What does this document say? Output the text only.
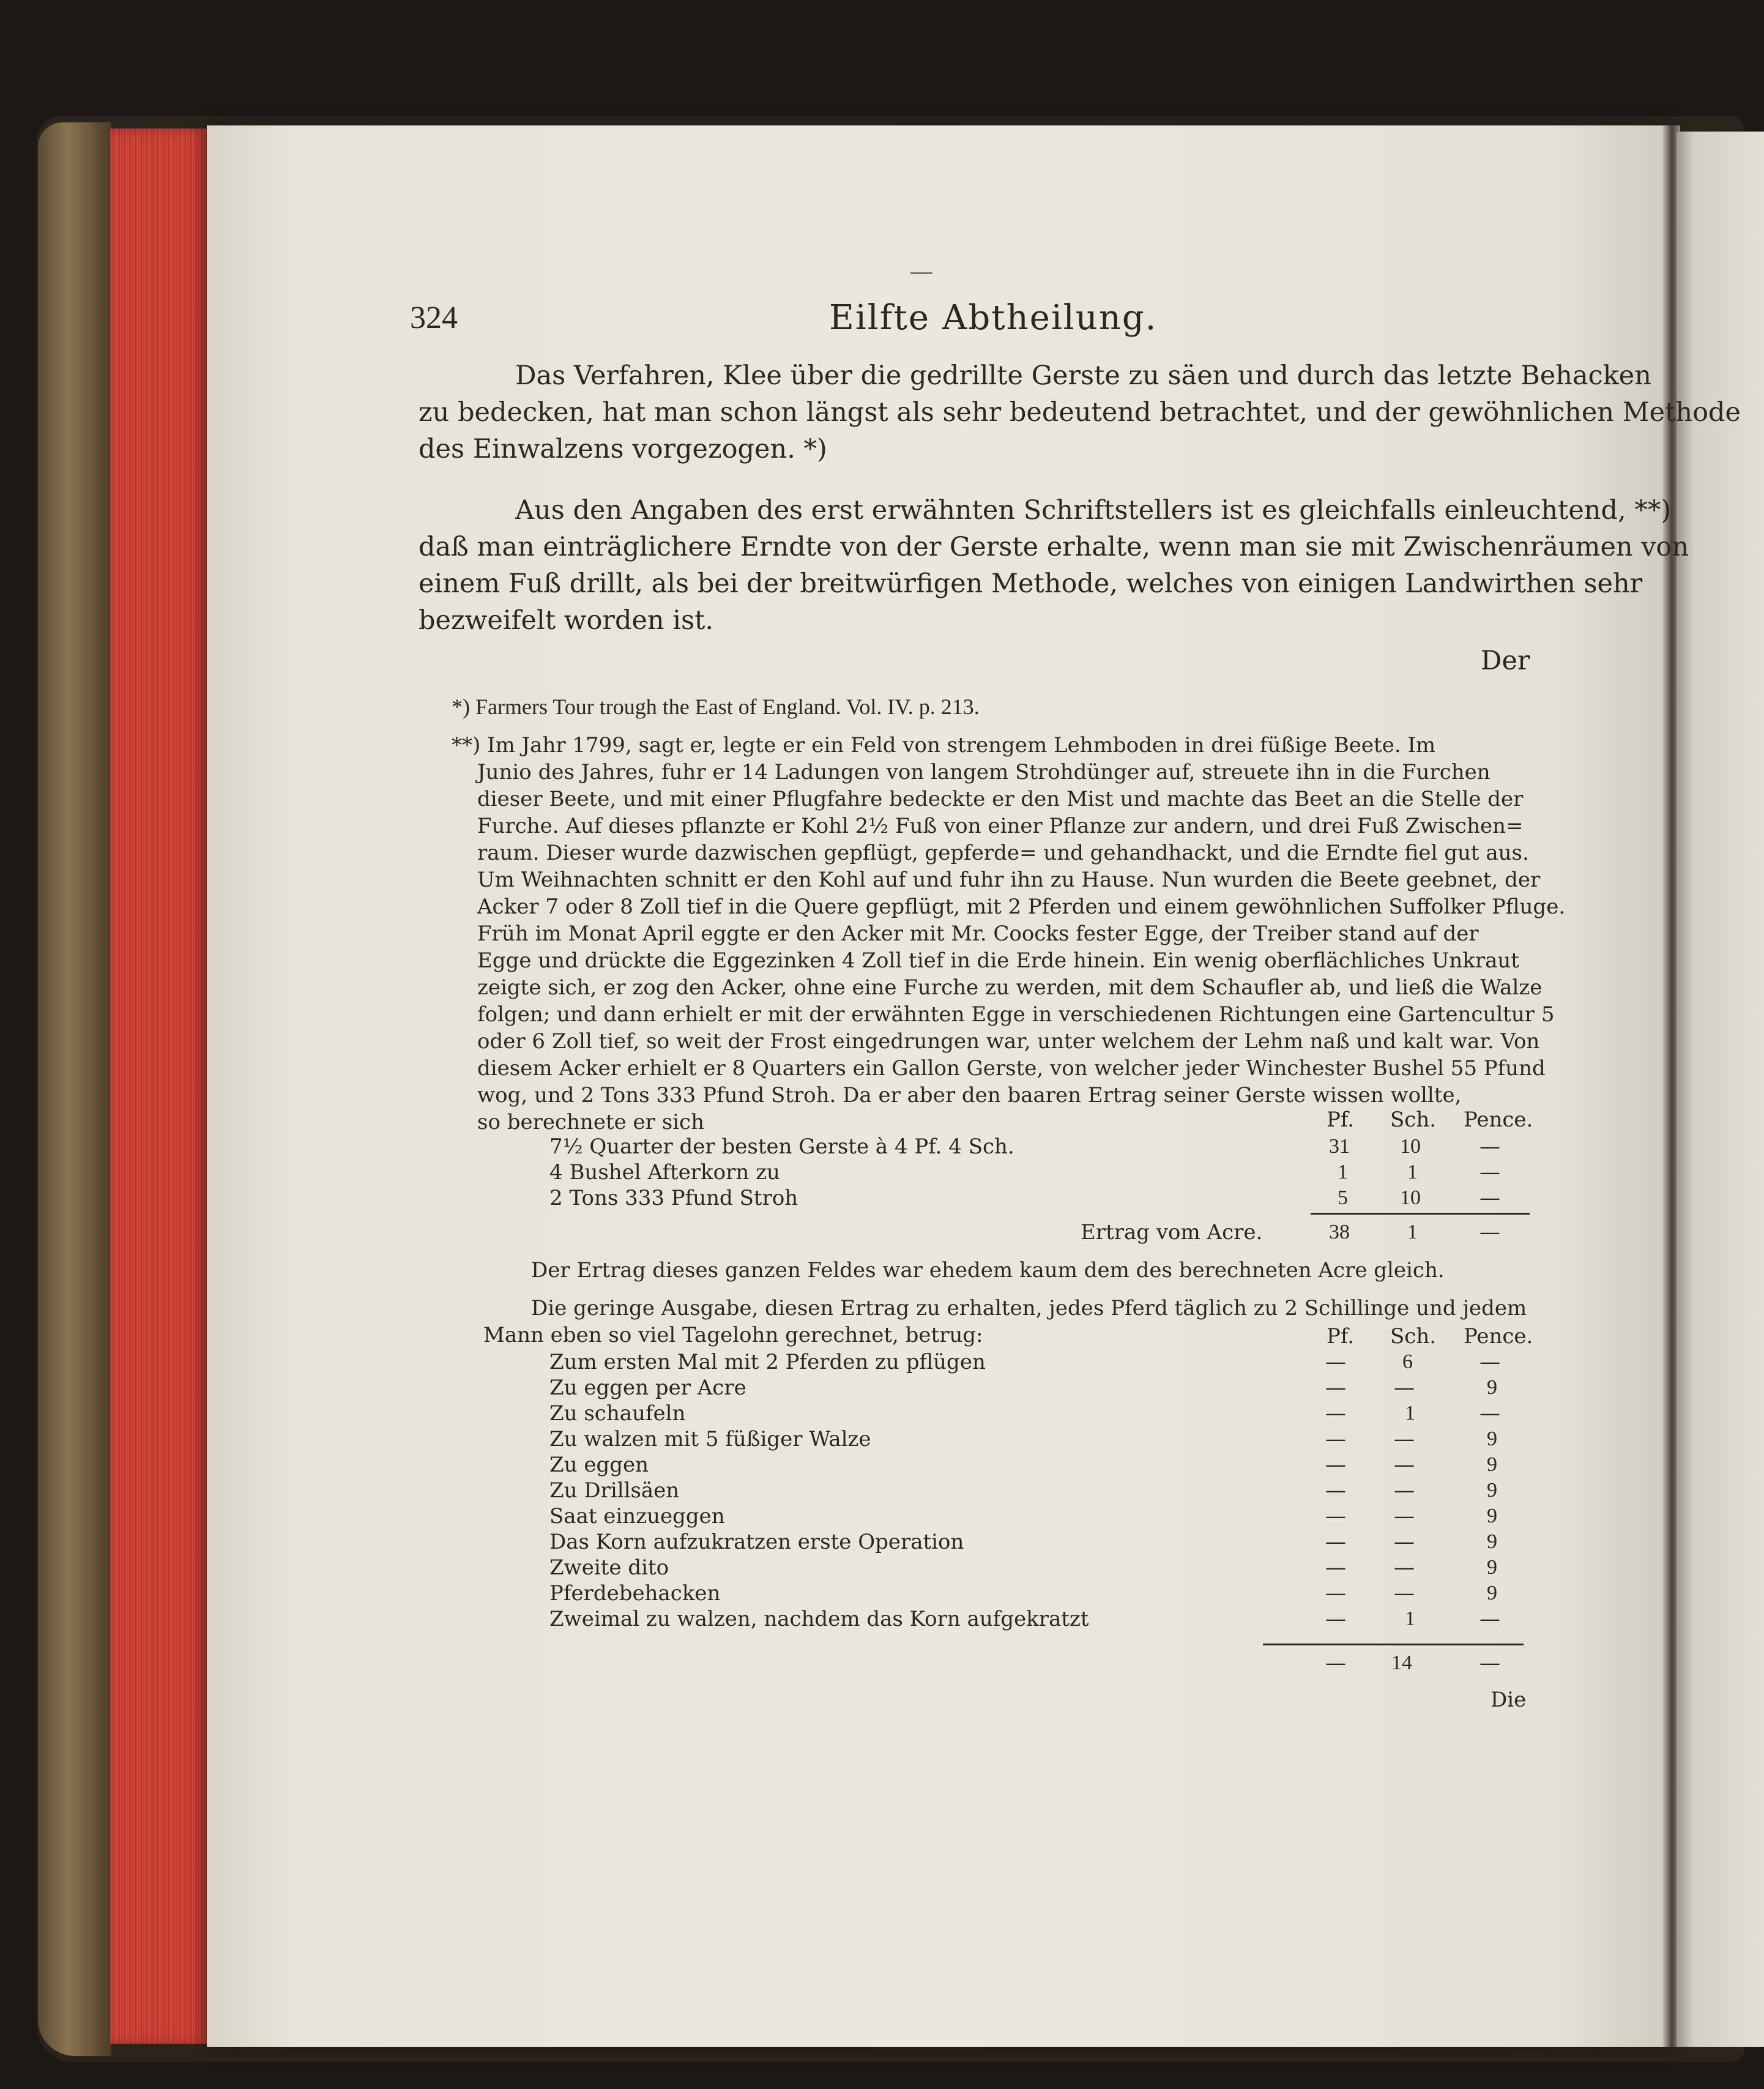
324	Eilfte Abtheilung.
Das Verfahren, Klee über die gedrillte Gerste zu säen und durch das letzte Behacken
zu bedecken, hat man schon längst als sehr bedeutend betrachtet, und der gewöhnlichen Methode
des Einwalzens vorgezogen. *)
Aus den Angaben des erst erwähnten Schriftstellers ist es gleichfalls einleuchtend, **)
daß man einträglichere Erndte von der Gerste erhalte, wenn man sie mit Zwischenräumen von
einem Fuß drillt, als bei der breitwürfigen Methode, welches von einigen Landwirthen sehr
bezweifelt worden ist.
Der
*) Farmers Tour trough the East of England. Vol. IV. p. 213.
**) Im Jahr 1799, sagt er, legte er ein Feld von strengem Lehmboden in drei füßige Beete. Im
Junio des Jahres, fuhr er 14 Ladungen von langem Strohdünger auf, streuete ihn in die Furchen
dieser Beete, und mit einer Pflugfahre bedeckte er den Mist und machte das Beet an die Stelle der
Furche. Auf dieses pflanzte er Kohl 2½ Fuß von einer Pflanze zur andern, und drei Fuß Zwischen=
raum. Dieser wurde dazwischen gepflügt, gepferde= und gehandhackt, und die Erndte fiel gut aus.
Um Weihnachten schnitt er den Kohl auf und fuhr ihn zu Hause. Nun wurden die Beete geebnet, der
Acker 7 oder 8 Zoll tief in die Quere gepflügt, mit 2 Pferden und einem gewöhnlichen Suffolker Pfluge.
Früh im Monat April eggte er den Acker mit Mr. Coocks fester Egge, der Treiber stand auf der
Egge und drückte die Eggezinken 4 Zoll tief in die Erde hinein. Ein wenig oberflächliches Unkraut
zeigte sich, er zog den Acker, ohne eine Furche zu werden, mit dem Schaufler ab, und ließ die Walze
folgen; und dann erhielt er mit der erwähnten Egge in verschiedenen Richtungen eine Gartencultur 5
oder 6 Zoll tief, so weit der Frost eingedrungen war, unter welchem der Lehm naß und kalt war. Von
diesem Acker erhielt er 8 Quarters ein Gallon Gerste, von welcher jeder Winchester Bushel 55 Pfund
wog, und 2 Tons 333 Pfund Stroh. Da er aber den baaren Ertrag seiner Gerste wissen wollte,
so berechnete er sich	Pf. Sch. Pence.
7½ Quarter der besten Gerste à 4 Pf. 4 Sch.	31 10	—
4 Bushel Afterkorn zu	1	1	—
2 Tons 333 Pfund Stroh	5	10	—
Ertrag vom Acre.	38	1	—
Der Ertrag dieses ganzen Feldes war ehedem kaum dem des berechneten Acre gleich.
Die geringe Ausgabe, diesen Ertrag zu erhalten, jedes Pferd täglich zu 2 Schillinge und jedem
Mann eben so viel Tagelohn gerechnet, betrug:	Pf. Sch. Pence.
Zum ersten Mal mit 2 Pferden zu pflügen	—	6	—
Zu eggen per Acre	— —	9
Zu schaufeln	—	1	—
Zu walzen mit 5 füßiger Walze	— —	9
Zu eggen	— —	9
Zu Drillsäen	— —	9
Saat einzueggen	— —	9
Das Korn aufzukratzen erste Operation	— —	9
Zweite dito	— —	9
Pferdebehacken	— —	9
Zweimal zu walzen, nachdem das Korn aufgekratzt	—	1	—
— 14	—
Die
